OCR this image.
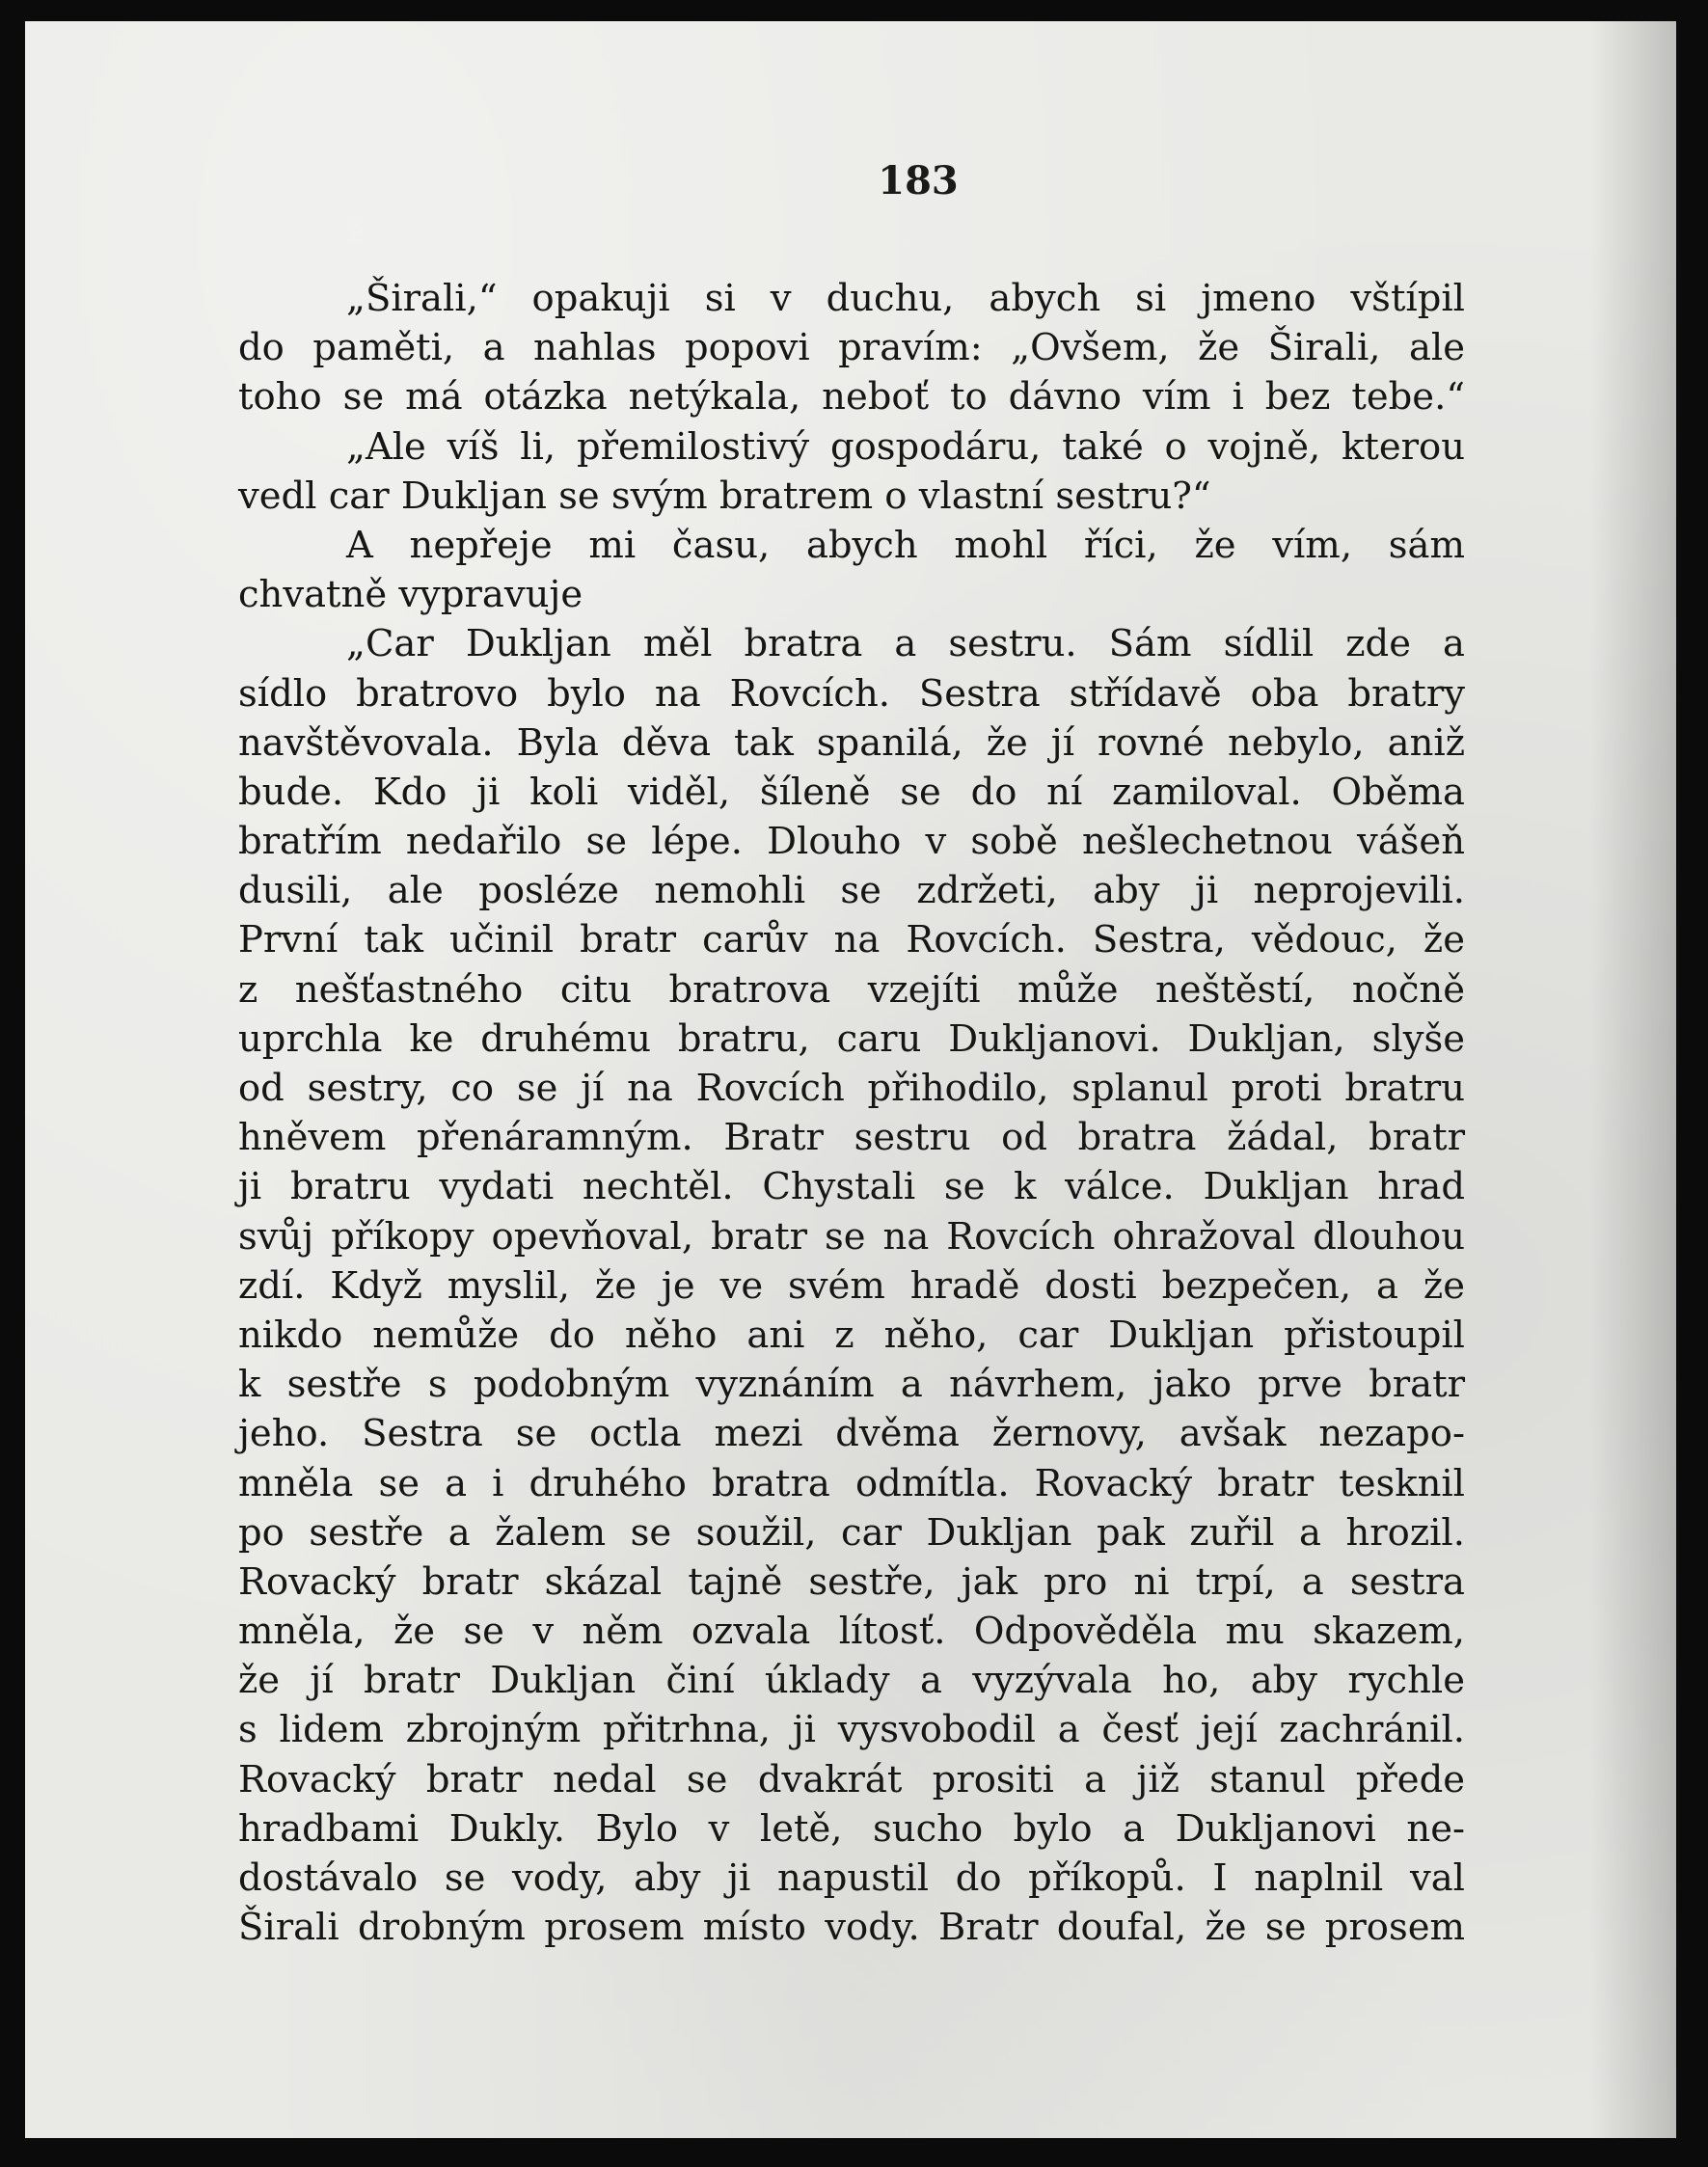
183
„Širali,“ opakuji si v duchu, abych si jmeno vštípil
do paměti, a nahlas popovi pravím: „Ovšem, že Širali, ale
toho se má otázka netýkala, neboť to dávno vím i bez tebe.“
„Ale víš li, přemilostivý gospodáru, také o vojně, kterou
vedl car Dukljan se svým bratrem o vlastní sestru?“
A nepřeje mi času, abych mohl říci, že vím, sám
chvatně vypravuje
„Car Dukljan měl bratra a sestru. Sám sídlil zde a
sídlo bratrovo bylo na Rovcích. Sestra střídavě oba bratry
navštěvovala. Byla děva tak spanilá, že jí rovné nebylo, aniž
bude. Kdo ji koli viděl, šíleně se do ní zamiloval. Oběma
bratřím nedařilo se lépe. Dlouho v sobě nešlechetnou vášeň
dusili, ale posléze nemohli se zdržeti, aby ji neprojevili.
První tak učinil bratr carův na Rovcích. Sestra, vědouc, že
z nešťastného citu bratrova vzejíti může neštěstí, nočně
uprchla ke druhému bratru, caru Dukljanovi. Dukljan, slyše
od sestry, co se jí na Rovcích přihodilo, splanul proti bratru
hněvem přenáramným. Bratr sestru od bratra žádal, bratr
ji bratru vydati nechtěl. Chystali se k válce. Dukljan hrad
svůj příkopy opevňoval, bratr se na Rovcích ohražoval dlouhou
zdí. Když myslil, že je ve svém hradě dosti bezpečen, a že
nikdo nemůže do něho ani z něho, car Dukljan přistoupil
k sestře s podobným vyznáním a návrhem, jako prve bratr
jeho. Sestra se octla mezi dvěma žernovy, avšak nezapo-
mněla se a i druhého bratra odmítla. Rovacký bratr tesknil
po sestře a žalem se soužil, car Dukljan pak zuřil a hrozil.
Rovacký bratr skázal tajně sestře, jak pro ni trpí, a sestra
mněla, že se v něm ozvala lítosť. Odpověděla mu skazem,
že jí bratr Dukljan činí úklady a vyzývala ho, aby rychle
s lidem zbrojným přitrhna, ji vysvobodil a česť její zachránil.
Rovacký bratr nedal se dvakrát prositi a již stanul přede
hradbami Dukly. Bylo v letě, sucho bylo a Dukljanovi ne-
dostávalo se vody, aby ji napustil do příkopů. I naplnil val
Širali drobným prosem místo vody. Bratr doufal, že se prosem
